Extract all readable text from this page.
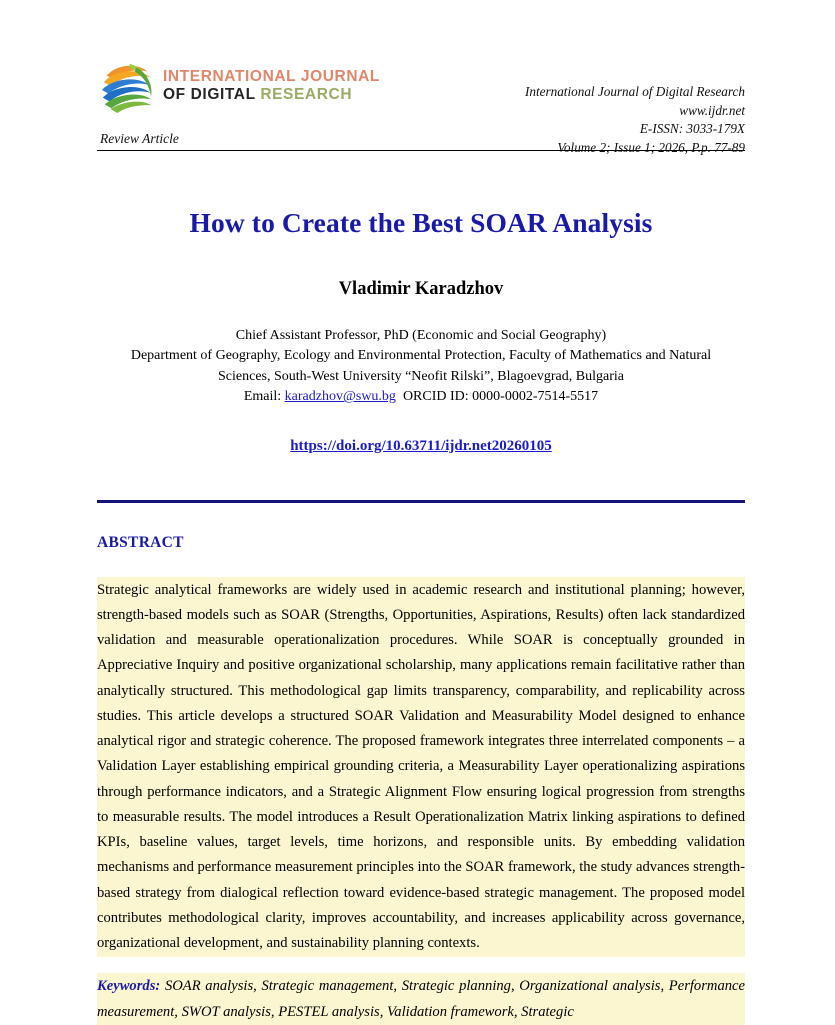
INTERNATIONAL JOURNAL
OF DIGITAL RESEARCH	International Journal of Digital Research
www.ijdr.net
E-ISSN: 3033-179X
Volume 2; Issue 1; 2026, P.p. 77-89
Review Article
How to Create the Best SOAR Analysis
Vladimir Karadzhov
Chief Assistant Professor, PhD (Economic and Social Geography)
Department of Geography, Ecology and Environmental Protection, Faculty of Mathematics and Natural
Sciences, South-West University “Neofit Rilski”, Blagoevgrad, Bulgaria
Email: karadzhov@swu.bg ORCID ID: 0000-0002-7514-5517
https://doi.org/10.63711/ijdr.net20260105
ABSTRACT

Strategic analytical frameworks are widely used in academic research and institutional planning; however, strength-based models such as SOAR (Strengths, Opportunities, Aspirations, Results) often lack standardized validation and measurable operationalization procedures. While SOAR is conceptually grounded in Appreciative Inquiry and positive organizational scholarship, many applications remain facilitative rather than analytically structured. This methodological gap limits transparency, comparability, and replicability across studies. This article develops a structured SOAR Validation and Measurability Model designed to enhance analytical rigor and strategic coherence. The proposed framework integrates three interrelated components – a Validation Layer establishing empirical grounding criteria, a Measurability Layer operationalizing aspirations through performance indicators, and a Strategic Alignment Flow ensuring logical progression from strengths to measurable results. The model introduces a Result Operationalization Matrix linking aspirations to defined KPIs, baseline values, target levels, time horizons, and responsible units. By embedding validation mechanisms and performance measurement principles into the SOAR framework, the study advances strength-based strategy from dialogical reflection toward evidence-based strategic management. The proposed model contributes methodological clarity, improves accountability, and increases applicability across governance, organizational development, and sustainability planning contexts.

Keywords: SOAR analysis, Strategic management, Strategic planning, Organizational analysis, Performance measurement, SWOT analysis, PESTEL analysis, Validation framework, Strategic
